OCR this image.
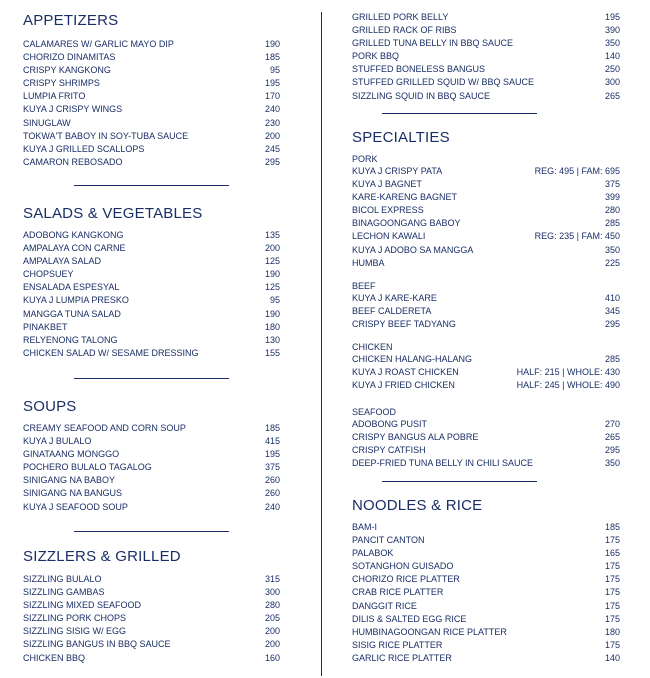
APPETIZERS
CALAMARES W/ GARLIC MAYO DIP	190
CHORIZO DINAMITAS	185
CRISPY KANGKONG	95
CRISPY SHRIMPS	195
LUMPIA FRITO	170
KUYA J CRISPY WINGS	240
SINUGLAW	230
TOKWA'T BABOY IN SOY-TUBA SAUCE	200
KUYA J GRILLED SCALLOPS	245
CAMARON REBOSADO	295
SALADS & VEGETABLES
ADOBONG KANGKONG	135
AMPALAYA CON CARNE	200
AMPALAYA SALAD	125
CHOPSUEY	190
ENSALADA ESPESYAL	125
KUYA J LUMPIA PRESKO	95
MANGGA TUNA SALAD	190
PINAKBET	180
RELYENONG TALONG	130
CHICKEN SALAD W/ SESAME DRESSING	155
SOUPS
CREAMY SEAFOOD AND CORN SOUP	185
KUYA J BULALO	415
GINATAANG MONGGO	195
POCHERO BULALO TAGALOG	375
SINIGANG NA BABOY	260
SINIGANG NA BANGUS	260
KUYA J SEAFOOD SOUP	240
SIZZLERS & GRILLED
SIZZLING BULALO	315
SIZZLING GAMBAS	300
SIZZLING MIXED SEAFOOD	280
SIZZLING PORK CHOPS	205
SIZZLING SISIG W/ EGG	200
SIZZLING BANGUS IN BBQ SAUCE	200
CHICKEN BBQ	160
GRILLED PORK BELLY	195
GRILLED RACK OF RIBS	390
GRILLED TUNA BELLY IN BBQ SAUCE	350
PORK BBQ	140
STUFFED BONELESS BANGUS	250
STUFFED GRILLED SQUID W/ BBQ SAUCE	300
SIZZLING SQUID IN BBQ SAUCE	265
SPECIALTIES
PORK
KUYA J CRISPY PATA	REG: 495 | FAM: 695
KUYA J BAGNET	375
KARE-KARENG BAGNET	399
BICOL EXPRESS	280
BINAGOONGANG BABOY	285
LECHON KAWALI	REG: 235 | FAM: 450
KUYA J ADOBO SA MANGGA	350
HUMBA	225
BEEF
KUYA J KARE-KARE	410
BEEF CALDERETA	345
CRISPY BEEF TADYANG	295
CHICKEN
CHICKEN HALANG-HALANG	285
KUYA J ROAST CHICKEN	HALF: 215 | WHOLE: 430
KUYA J FRIED CHICKEN	HALF: 245 | WHOLE: 490
SEAFOOD
ADOBONG PUSIT	270
CRISPY BANGUS ALA POBRE	265
CRISPY CATFISH	295
DEEP-FRIED TUNA BELLY IN CHILI SAUCE	350
NOODLES & RICE
BAM-I	185
PANCIT CANTON	175
PALABOK	165
SOTANGHON GUISADO	175
CHORIZO RICE PLATTER	175
CRAB RICE PLATTER	175
DANGGIT RICE	175
DILIS & SALTED EGG RICE	175
HUMBINAGOONGAN RICE PLATTER	180
SISIG RICE PLATTER	175
GARLIC RICE PLATTER	140
